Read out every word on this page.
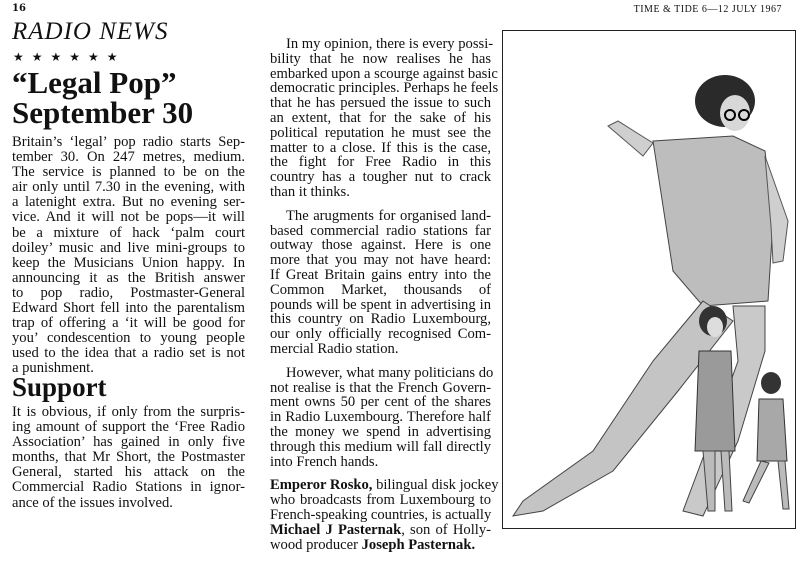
16	TIME & TIDE 6—12 JULY 1967
RADIO NEWS
★★★★★★
“Legal Pop”
September 30
Britain’s ‘legal’ pop radio starts Sep-
tember 30. On 247 metres, medium.
The service is planned to be on the
air only until 7.30 in the evening, with
a latenight extra. But no evening ser-
vice. And it will not be pops—it will
be a mixture of hack ‘palm court
doiley’ music and live mini-groups to
keep the Musicians Union happy. In
announcing it as the British answer
to pop radio, Postmaster-General
Edward Short fell into the parentalism
trap of offering a ‘it will be good for
you’ condescention to young people
used to the idea that a radio set is not
a punishment.
Support
It is obvious, if only from the surpris-
ing amount of support the ‘Free Radio
Association’ has gained in only five
months, that Mr Short, the Postmaster
General, started his attack on the
Commercial Radio Stations in ignor-
ance of the issues involved.
In my opinion, there is every possi-
bility that he now realises he has
embarked upon a scourge against basic
democratic principles. Perhaps he feels
that he has persued the issue to such
an extent, that for the sake of his
political reputation he must see the
matter to a close. If this is the case,
the fight for Free Radio in this
country has a tougher nut to crack
than it thinks.
The arugments for organised land-
based commercial radio stations far
outway those against. Here is one
more that you may not have heard:
If Great Britain gains entry into the
Common Market, thousands of
pounds will be spent in advertising in
this country on Radio Luxembourg,
our only officially recognised Com-
mercial Radio station.
However, what many politicians do
not realise is that the French Govern-
ment owns 50 per cent of the shares
in Radio Luxembourg. Therefore half
the money we spend in advertising
through this medium will fall directly
into French hands.
Emperor Rosko, bilingual disk jockey
who broadcasts from Luxembourg to
French-speaking countries, is actually
Michael J Pasternak, son of Holly-
wood producer Joseph Pasternak.
